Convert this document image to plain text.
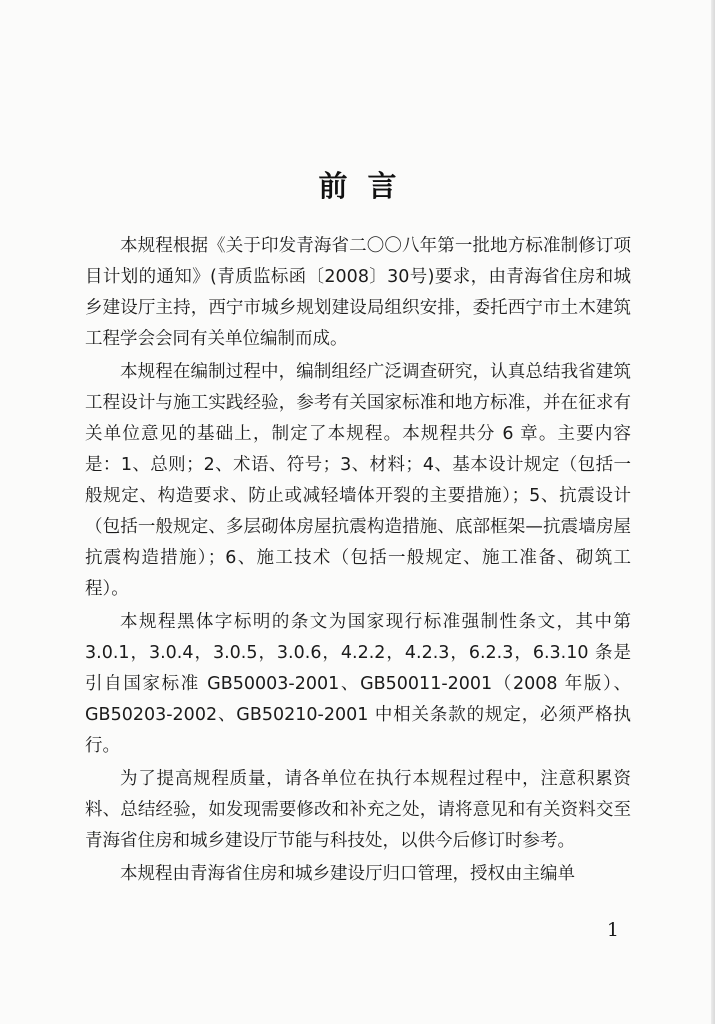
前言

本规程根据《关于印发青海省二〇〇八年第一批地方标准制修订项目计划的通知》(青质监标函〔2008〕30号)要求，由青海省住房和城乡建设厅主持，西宁市城乡规划建设局组织安排，委托西宁市土木建筑工程学会会同有关单位编制而成。

本规程在编制过程中，编制组经广泛调查研究，认真总结我省建筑工程设计与施工实践经验，参考有关国家标准和地方标准，并在征求有关单位意见的基础上，制定了本规程。本规程共分 6 章。主要内容是：1、总则；2、术语、符号；3、材料；4、基本设计规定（包括一般规定、构造要求、防止或减轻墙体开裂的主要措施）；5、抗震设计（包括一般规定、多层砌体房屋抗震构造措施、底部框架—抗震墙房屋抗震构造措施）；6、施工技术（包括一般规定、施工准备、砌筑工程）。

本规程黑体字标明的条文为国家现行标准强制性条文，其中第 3.0.1，3.0.4，3.0.5，3.0.6，4.2.2，4.2.3，6.2.3，6.3.10 条是引自国家标准 GB50003-2001、GB50011-2001（2008 年版）、GB50203-2002、GB50210-2001 中相关条款的规定，必须严格执行。

为了提高规程质量，请各单位在执行本规程过程中，注意积累资料、总结经验，如发现需要修改和补充之处，请将意见和有关资料交至青海省住房和城乡建设厅节能与科技处，以供今后修订时参考。

本规程由青海省住房和城乡建设厅归口管理，授权由主编单

1
